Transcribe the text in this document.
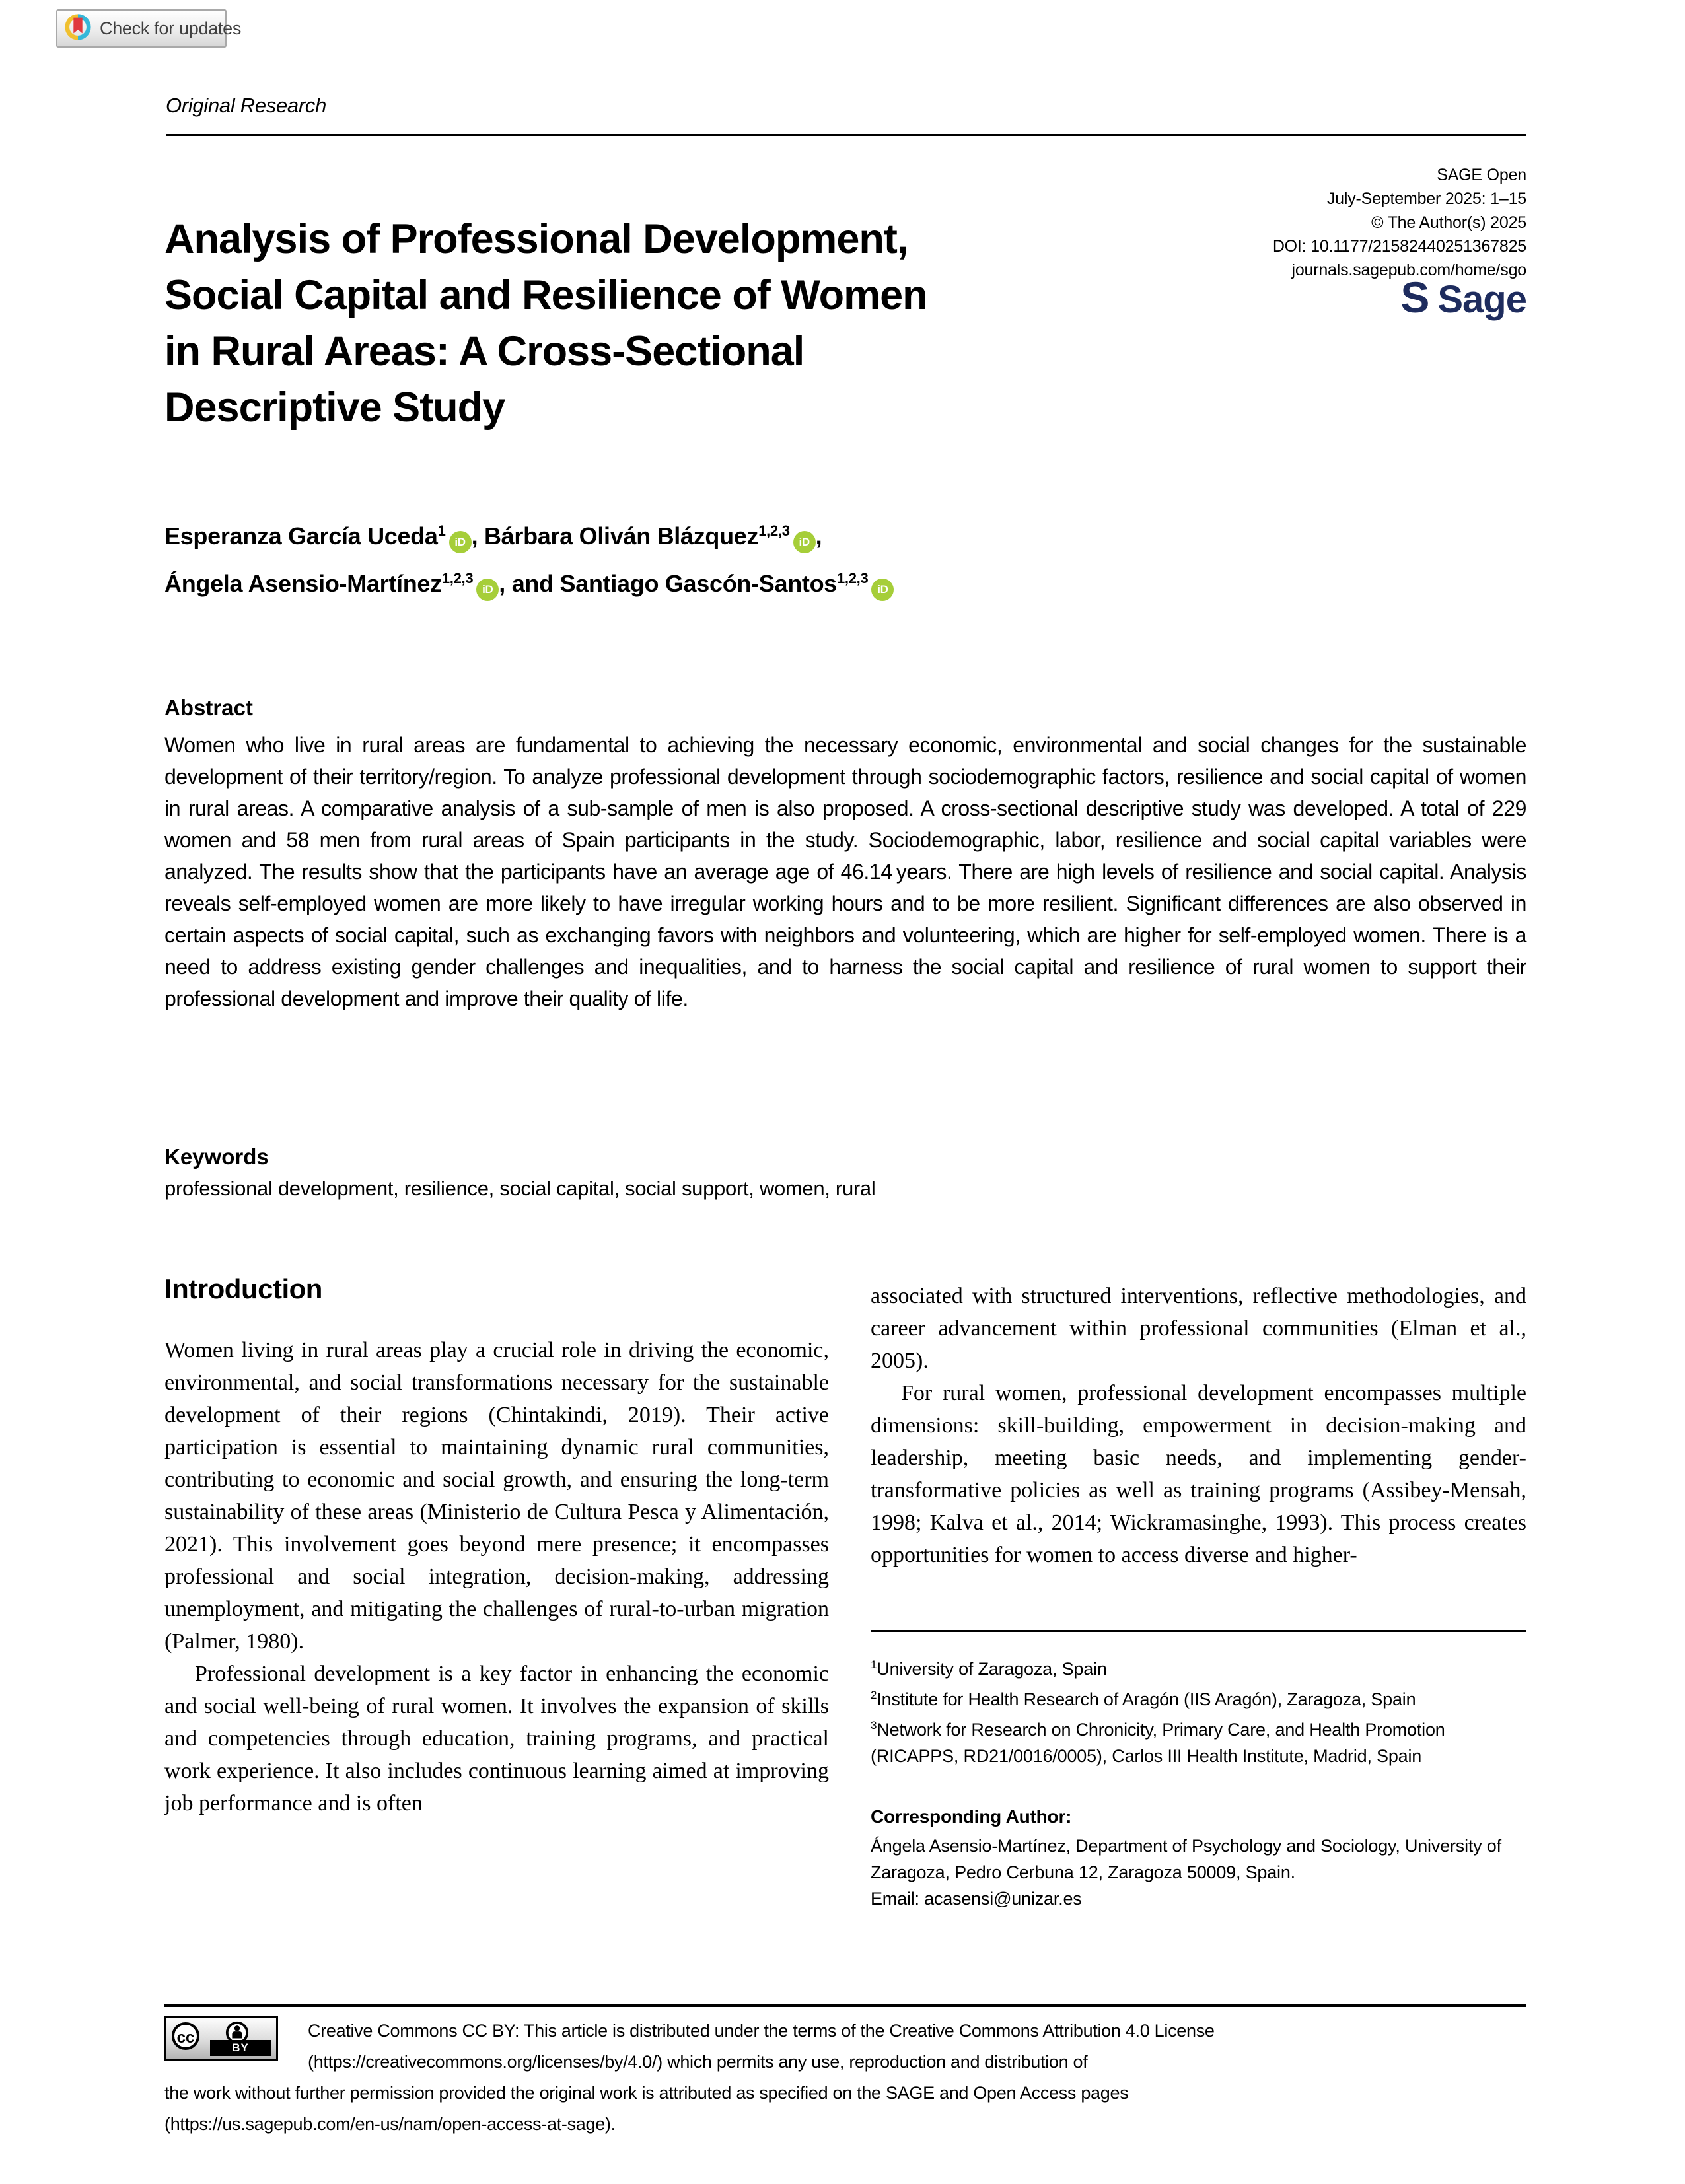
Check for updates
Original Research
SAGE Open
July-September 2025: 1–15
© The Author(s) 2025
DOI: 10.1177/21582440251367825
journals.sagepub.com/home/sgo
S Sage
Analysis of Professional Development,
Social Capital and Resilience of Women
in Rural Areas: A Cross-Sectional
Descriptive Study
Esperanza García Uceda$^1$iD , Bárbara Oliván Blázquez$^{1,2,3}$iD ,
Ángela Asensio-Martínez$^{1,2,3}$iD , and Santiago Gascón-Santos$^{1,2,3}$iD
Abstract
Women who live in rural areas are fundamental to achieving the necessary economic, environmental and social changes for the sustainable development of their territory/region. To analyze professional development through sociodemographic factors, resilience and social capital of women in rural areas. A comparative analysis of a sub-sample of men is also proposed. A cross-sectional descriptive study was developed. A total of 229 women and 58 men from rural areas of Spain participants in the study. Sociodemographic, labor, resilience and social capital variables were analyzed. The results show that the participants have an average age of 46.14 years. There are high levels of resilience and social capital. Analysis reveals self-employed women are more likely to have irregular working hours and to be more resilient. Significant differences are also observed in certain aspects of social capital, such as exchanging favors with neighbors and volunteering, which are higher for self-employed women. There is a need to address existing gender challenges and inequalities, and to harness the social capital and resilience of rural women to support their professional development and improve their quality of life.
Keywords
professional development, resilience, social capital, social support, women, rural
Introduction

Women living in rural areas play a crucial role in driving the economic, environmental, and social transformations necessary for the sustainable development of their regions (Chintakindi, 2019). Their active participation is essential to maintaining dynamic rural communities, contributing to economic and social growth, and ensuring the long-term sustainability of these areas (Ministerio de Cultura Pesca y Alimentación, 2021). This involvement goes beyond mere presence; it encompasses professional and social integration, decision-making, addressing unemployment, and mitigating the challenges of rural-to-urban migration (Palmer, 1980).

Professional development is a key factor in enhancing the economic and social well-being of rural women. It involves the expansion of skills and competencies through education, training programs, and practical work experience. It also includes continuous learning aimed at improving job performance and is often

associated with structured interventions, reflective methodologies, and career advancement within professional communities (Elman et al., 2005).

For rural women, professional development encompasses multiple dimensions: skill-building, empowerment in decision-making and leadership, meeting basic needs, and implementing gender-transformative policies as well as training programs (Assibey-Mensah, 1998; Kalva et al., 2014; Wickramasinghe, 1993). This process creates opportunities for women to access diverse and higher-

$^1$University of Zaragoza, Spain
$^2$Institute for Health Research of Aragón (IIS Aragón), Zaragoza, Spain
$^3$Network for Research on Chronicity, Primary Care, and Health Promotion (RICAPPS, RD21/0016/0005), Carlos III Health Institute, Madrid, Spain
Corresponding Author:
Ángela Asensio-Martínez, Department of Psychology and Sociology, University of Zaragoza, Pedro Cerbuna 12, Zaragoza 50009, Spain.
Email: acasensi@unizar.es
cc
BY
Creative Commons CC BY: This article is distributed under the terms of the Creative Commons Attribution 4.0 License
(https://creativecommons.org/licenses/by/4.0/) which permits any use, reproduction and distribution of
the work without further permission provided the original work is attributed as specified on the SAGE and Open Access pages
(https://us.sagepub.com/en-us/nam/open-access-at-sage).
